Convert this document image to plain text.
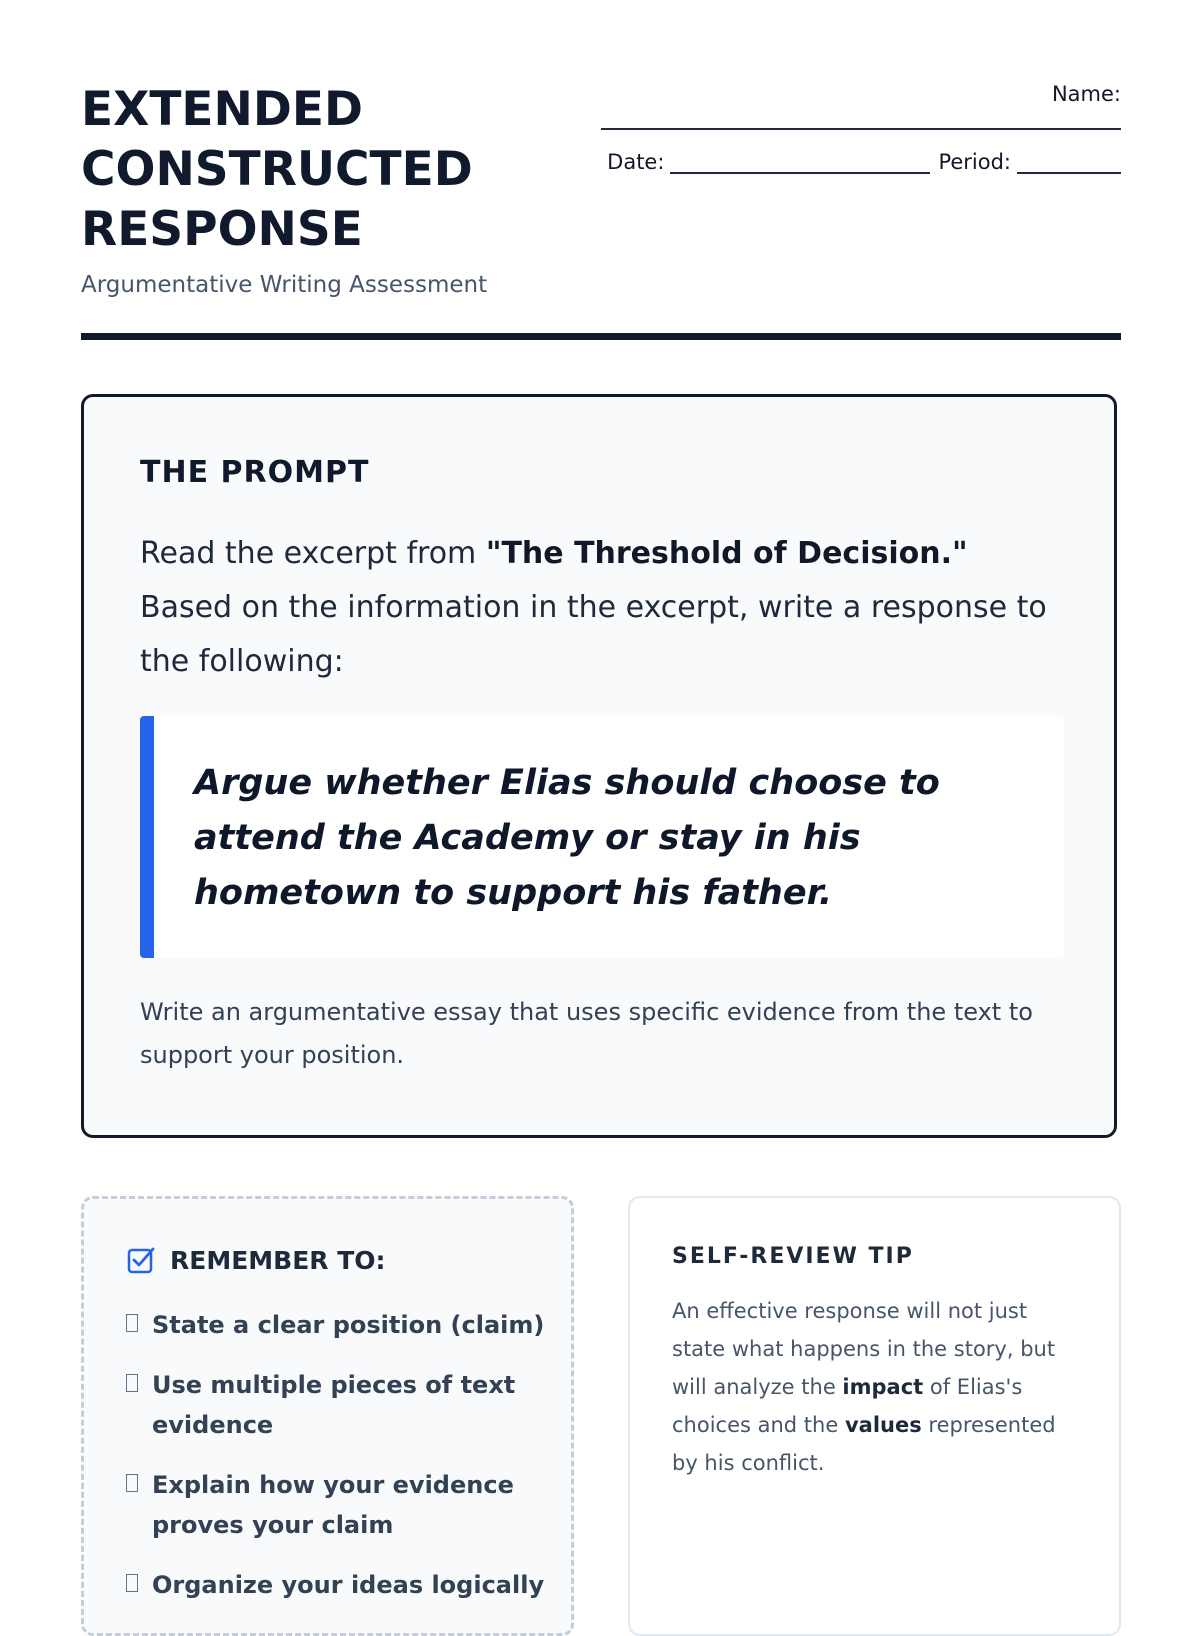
EXTENDED
CONSTRUCTED
RESPONSE
Argumentative Writing Assessment
Name:
Date:	Period:
THE PROMPT

Read the excerpt from "The Threshold of Decision." Based on the information in the excerpt, write a response to the following:

Argue whether Elias should choose to attend the Academy or stay in his hometown to support his father.

Write an argumentative essay that uses specific evidence from the text to support your position.

REMEMBER TO:
State a clear position (claim)
Use multiple pieces of text evidence
Explain how your evidence proves your claim
Organize your ideas logically
SELF-REVIEW TIP

An effective response will not just state what happens in the story, but will analyze the impact of Elias's choices and the values represented by his conflict.
